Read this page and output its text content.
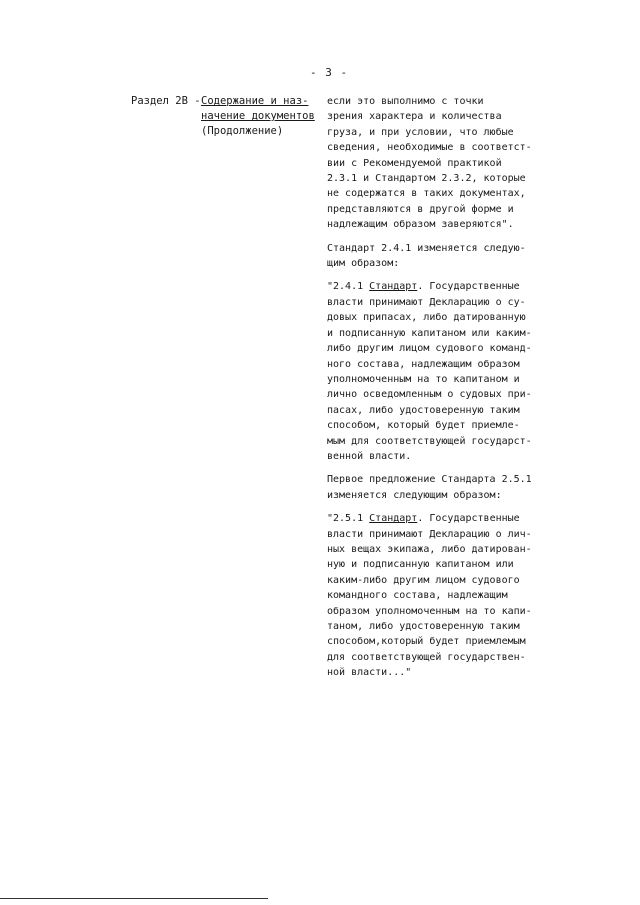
- 3 -
Раздел 2В - Содержание и наз-
начение документов
(Продолжение)
если это выполнимо с точки
зрения характера и количества
груза, и при условии, что любые
сведения, необходимые в соответст-
вии с Рекомендуемой практикой
2.3.1 и Стандартом 2.3.2, которые
не содержатся в таких документах,
представляются в другой форме и
надлежащим образом заверяются".
Стандарт 2.4.1 изменяется следую-
щим образом:
"2.4.1 Стандарт. Государственные
власти принимают Декларацию о су-
довых припасах, либо датированную
и подписанную капитаном или каким-
либо другим лицом судового команд-
ного состава, надлежащим образом
уполномоченным на то капитаном и
лично осведомленным о судовых при-
пасах, либо удостоверенную таким
способом, который будет приемле-
мым для соответствующей государст-
венной власти.
Первое предложение Стандарта 2.5.1
изменяется следующим образом:
"2.5.1 Стандарт. Государственные
власти принимают Декларацию о лич-
ных вещах экипажа, либо датирован-
ную и подписанную капитаном или
каким-либо другим лицом судового
командного состава, надлежащим
образом уполномоченным на то капи-
таном, либо удостоверенную таким
способом,который будет приемлемым
для соответствующей государствен-
ной власти..."
